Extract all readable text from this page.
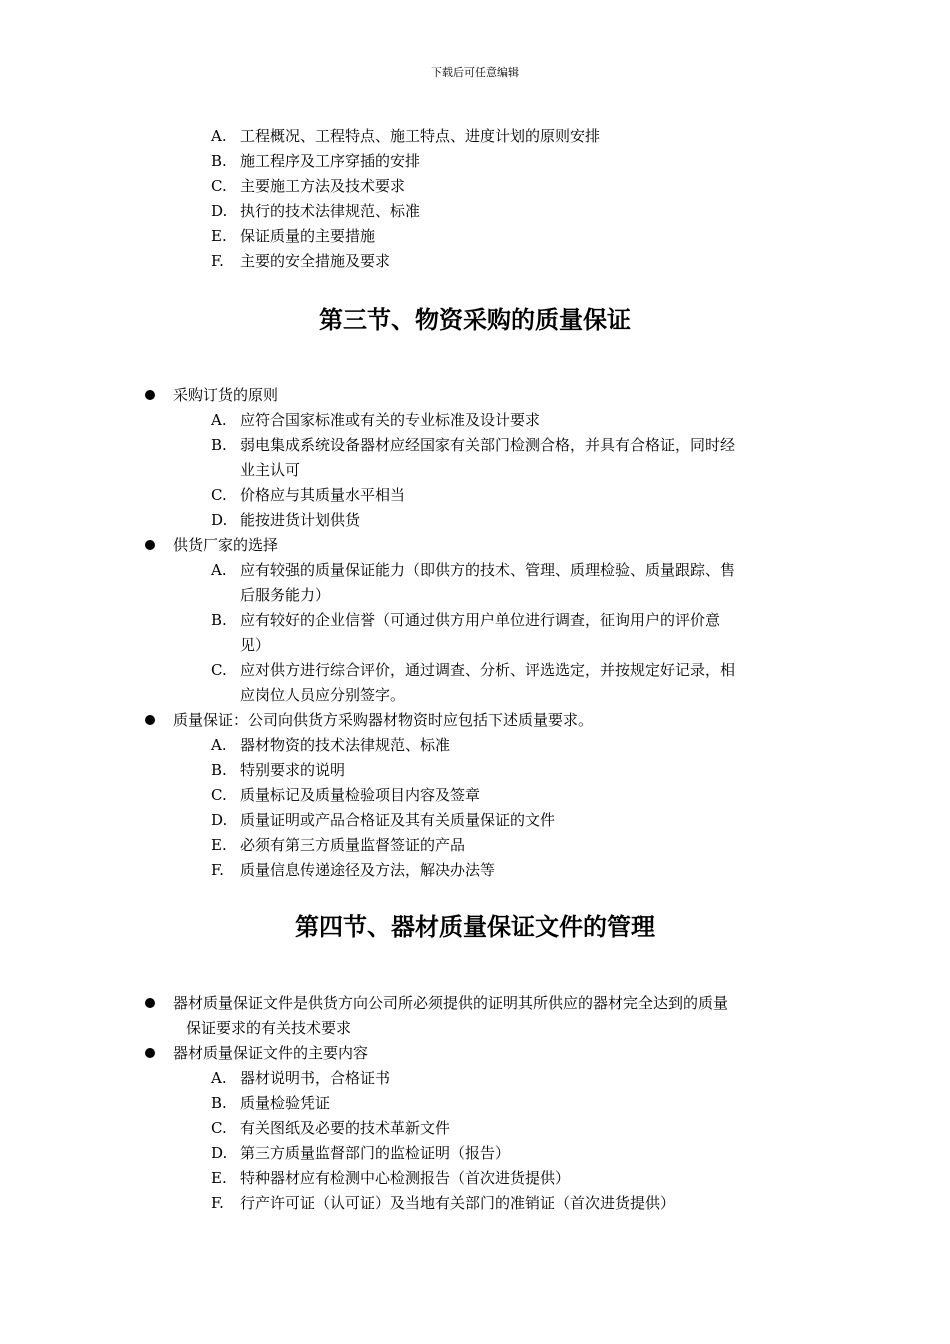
下载后可任意编辑
A. 工程概况、工程特点、施工特点、进度计划的原则安排
B. 施工程序及工序穿插的安排
C. 主要施工方法及技术要求
D. 执行的技术法律规范、标准
E. 保证质量的主要措施
F. 主要的安全措施及要求
第三节、物资采购的质量保证
采购订货的原则
A. 应符合国家标准或有关的专业标准及设计要求
B. 弱电集成系统设备器材应经国家有关部门检测合格，并具有合格证，同时经
业主认可
C. 价格应与其质量水平相当
D. 能按进货计划供货
供货厂家的选择
A. 应有较强的质量保证能力（即供方的技术、管理、质理检验、质量跟踪、售
后服务能力）
B. 应有较好的企业信誉（可通过供方用户单位进行调查，征询用户的评价意
见）
C. 应对供方进行综合评价，通过调查、分析、评选选定，并按规定好记录，相
应岗位人员应分别签字。
质量保证：公司向供货方采购器材物资时应包括下述质量要求。
A. 器材物资的技术法律规范、标准
B. 特别要求的说明
C. 质量标记及质量检验项目内容及签章
D. 质量证明或产品合格证及其有关质量保证的文件
E. 必须有第三方质量监督签证的产品
F. 质量信息传递途径及方法，解决办法等
第四节、器材质量保证文件的管理
器材质量保证文件是供货方向公司所必须提供的证明其所供应的器材完全达到的质量
保证要求的有关技术要求
器材质量保证文件的主要内容
A. 器材说明书，合格证书
B. 质量检验凭证
C. 有关图纸及必要的技术革新文件
D. 第三方质量监督部门的监检证明（报告）
E. 特种器材应有检测中心检测报告（首次进货提供）
F. 行产许可证（认可证）及当地有关部门的准销证（首次进货提供）
